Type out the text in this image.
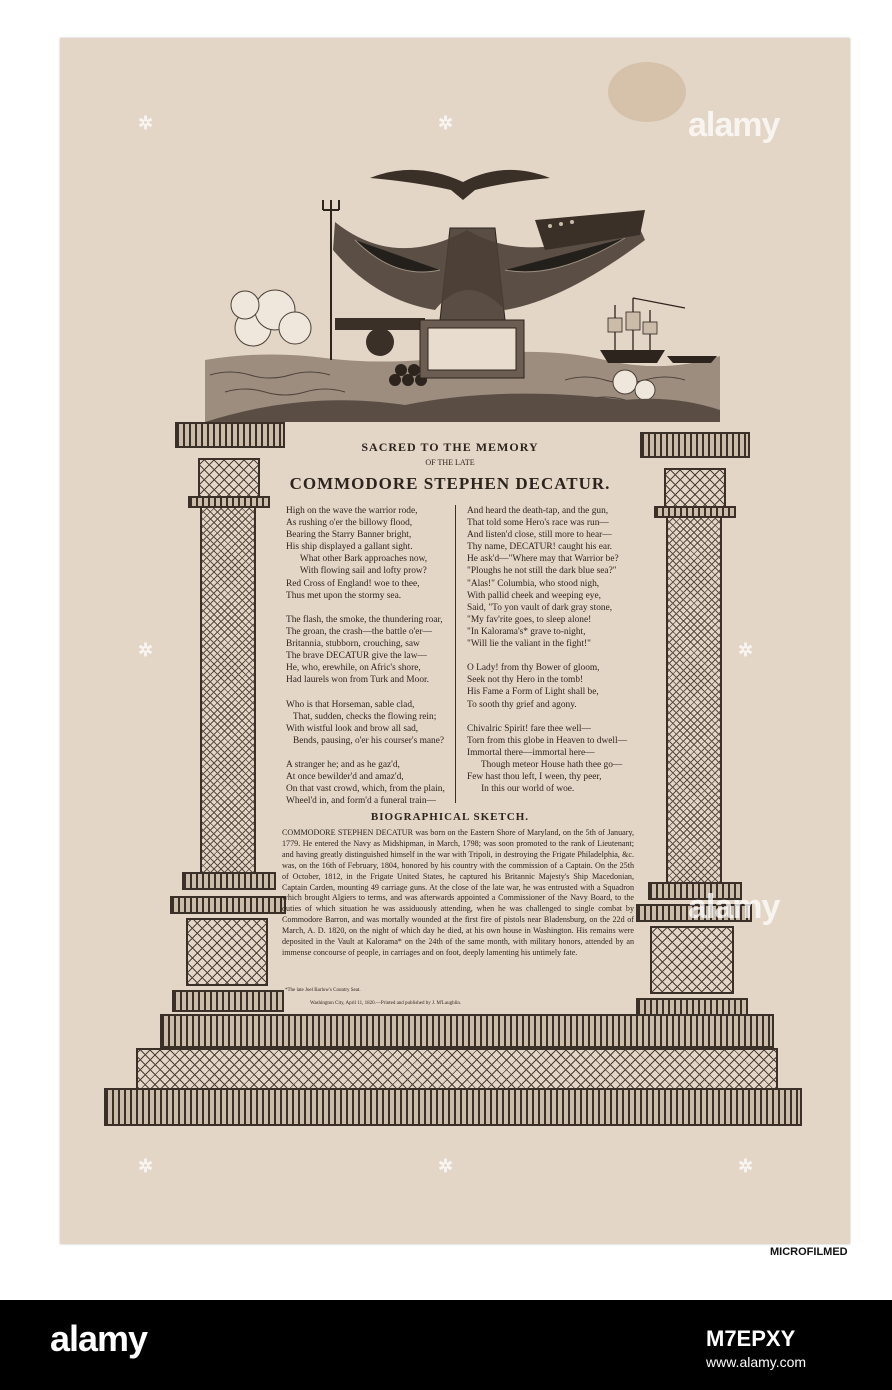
SACRED TO THE MEMORY
OF THE LATE
COMMODORE STEPHEN DECATUR.
High on the wave the warrior rode,
As rushing o'er the billowy flood,
Bearing the Starry Banner bright,
His ship displayed a gallant sight.
What other Bark approaches now,
With flowing sail and lofty prow?
Red Cross of England! woe to thee,
Thus met upon the stormy sea.

The flash, the smoke, the thundering roar,
The groan, the crash—the battle o'er—
Britannia, stubborn, crouching, saw
The brave DECATUR give the law—
He, who, erewhile, on Afric's shore,
Had laurels won from Turk and Moor.

Who is that Horseman, sable clad,
That, sudden, checks the flowing rein;
With wistful look and brow all sad,
Bends, pausing, o'er his courser's mane?

A stranger he; and as he gaz'd,
At once bewilder'd and amaz'd,
On that vast crowd, which, from the plain,
Wheel'd in, and form'd a funeral train—
And heard the death-tap, and the gun,
That told some Hero's race was run—
And listen'd close, still more to hear—
Thy name, DECATUR! caught his ear.
He ask'd—"Where may that Warrior be?
"Ploughs he not still the dark blue sea?"
"Alas!" Columbia, who stood nigh,
With pallid cheek and weeping eye,
Said, "To yon vault of dark gray stone,
"My fav'rite goes, to sleep alone!
"In Kalorama's* grave to-night,
"Will lie the valiant in the fight!"

O Lady! from thy Bower of gloom,
Seek not thy Hero in the tomb!
His Fame a Form of Light shall be,
To sooth thy grief and agony.

Chivalric Spirit! fare thee well—
Torn from this globe in Heaven to dwell—
Immortal there—immortal here—
Though meteor House hath thee go—
Few hast thou left, I ween, thy peer,
In this our world of woe.
BIOGRAPHICAL SKETCH.
COMMODORE STEPHEN DECATUR was born on the Eastern Shore of Maryland, on the 5th of January, 1779. He entered the Navy as Midshipman, in March, 1798; was soon promoted to the rank of Lieutenant; and having greatly distinguished himself in the war with Tripoli, in destroying the Frigate Philadelphia, &c. was, on the 16th of February, 1804, honored by his country with the commission of a Captain. On the 25th of October, 1812, in the Frigate United States, he captured his Britannic Majesty's Ship Macedonian, Captain Carden, mounting 49 carriage guns. At the close of the late war, he was entrusted with a Squadron which brought Algiers to terms, and was afterwards appointed a Commissioner of the Navy Board, to the duties of which situation he was assiduously attending, when he was challenged to single combat by Commodore Barron, and was mortally wounded at the first fire of pistols near Bladensburg, on the 22d of March, A. D. 1820, on the night of which day he died, at his own house in Washington. His remains were deposited in the Vault at Kalorama* on the 24th of the same month, with military honors, attended by an immense concourse of people, in carriages and on foot, deeply lamenting his untimely fate.
*The late Joel Barlow's Country Seat.
Washington City, April 11, 1820.—Printed and published by J. M'Laughlin.
alamy
alamy
✲	✲
✲	✲
✲	✲	✲
MICROFILMED
alamy	M7EPXY
www.alamy.com
